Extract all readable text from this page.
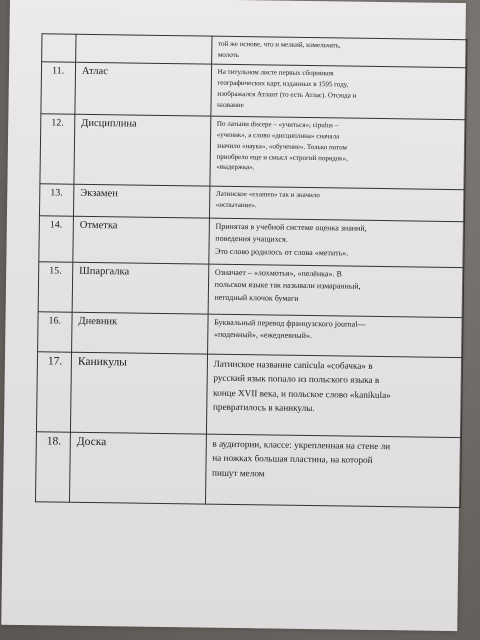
		той же основе, что и мелкий, измельчать,
молоть

11.	Атлас	На титульном листе первых сборников
географических карт, изданных в 1595 году,
изображался Атлант (то есть Атлас). Отсюда и
название

12.	Дисциплина	По латыни discepe – «учиться»; cipulus –
«ученик», а слово «дисциплина» сначала
значило «наука», «обучение». Только потом
приобрело еще и смысл «строгий порядок»,
«выдержка».

13.	Экзамен	Латинское «examen» так и значило
«испытание».

14.	Отметка	Принятая в учебной системе оценка знаний,
поведения учащихся.
Это слово родилось от слова «метить».

15.	Шпаргалка	Означает – «лохмотья», «пелёнка». В
польском языке так называли измаранный,
негодный клочок бумаги

16.	Дневник	Буквальный перевод французского journal—
«поденный», «ежедневный».

17.	Каникулы	Латинское название canicula «собачка» в
русский язык попало из польского языка в
конце XVII века, и польское слово «kanikula»
превратилось в каникулы.

18.	Доска	в аудитории, классе: укрепленная на стене ли
на ножках большая пластина, на которой
пишут мелом
